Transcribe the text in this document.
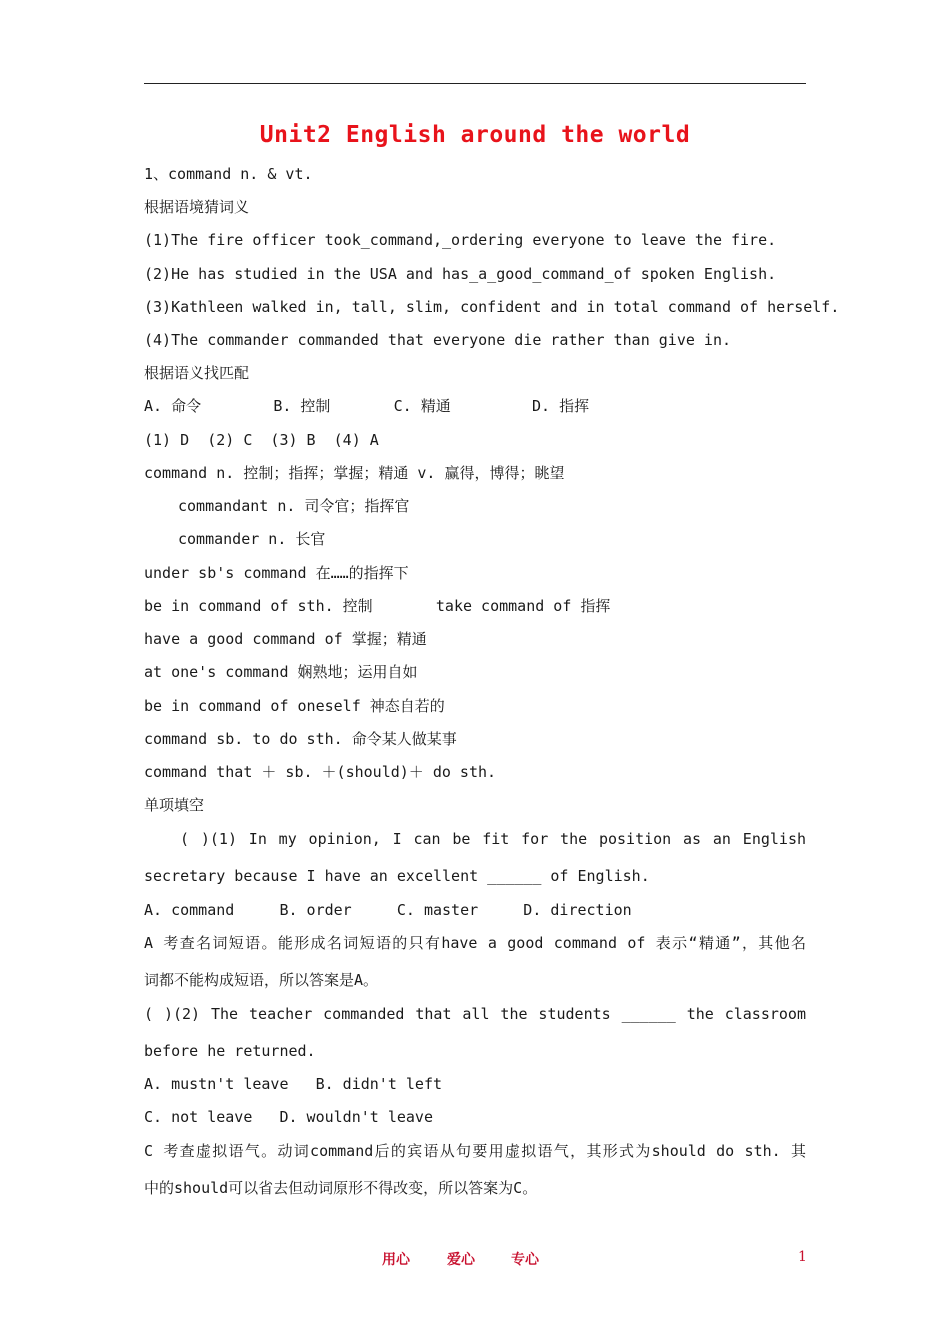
Unit2 English around the world
1、command n. & vt.
根据语境猜词义
(1)The fire officer took_command,_ordering everyone to leave the fire.
(2)He has studied in the USA and has_a_good_command_of spoken English.
(3)Kathleen walked in, tall, slim, confident and in total command of herself.
(4)The commander commanded that everyone die rather than give in.
根据语义找匹配
A. 命令        B. 控制       C. 精通         D. 指挥
(1) D  (2) C  (3) B  (4) A
command n. 控制；指挥；掌握；精通 v. 赢得，博得；眺望
commandant n. 司令官；指挥官
commander n. 长官
under sb's command 在……的指挥下
be in command of sth. 控制       take command of 指挥
have a good command of 掌握；精通
at one's command 娴熟地；运用自如
be in command of oneself 神态自若的
command sb. to do sth. 命令某人做某事
command that ＋ sb. ＋(should)＋ do sth.
单项填空
( )(1) In my opinion, I can be fit for the position as an English
secretary because I have an excellent ______ of English.
A. command     B. order     C. master     D. direction
A 考查名词短语。能形成名词短语的只有have a good command of 表示“精通”，其他名
词都不能构成短语，所以答案是A。
( )(2) The teacher commanded that all the students ______ the classroom
before he returned.
A. mustn't leave   B. didn't left
C. not leave   D. wouldn't leave
C 考查虚拟语气。动词command后的宾语从句要用虚拟语气，其形式为should do sth. 其
中的should可以省去但动词原形不得改变，所以答案为C。
用心	爱心	专心	1
